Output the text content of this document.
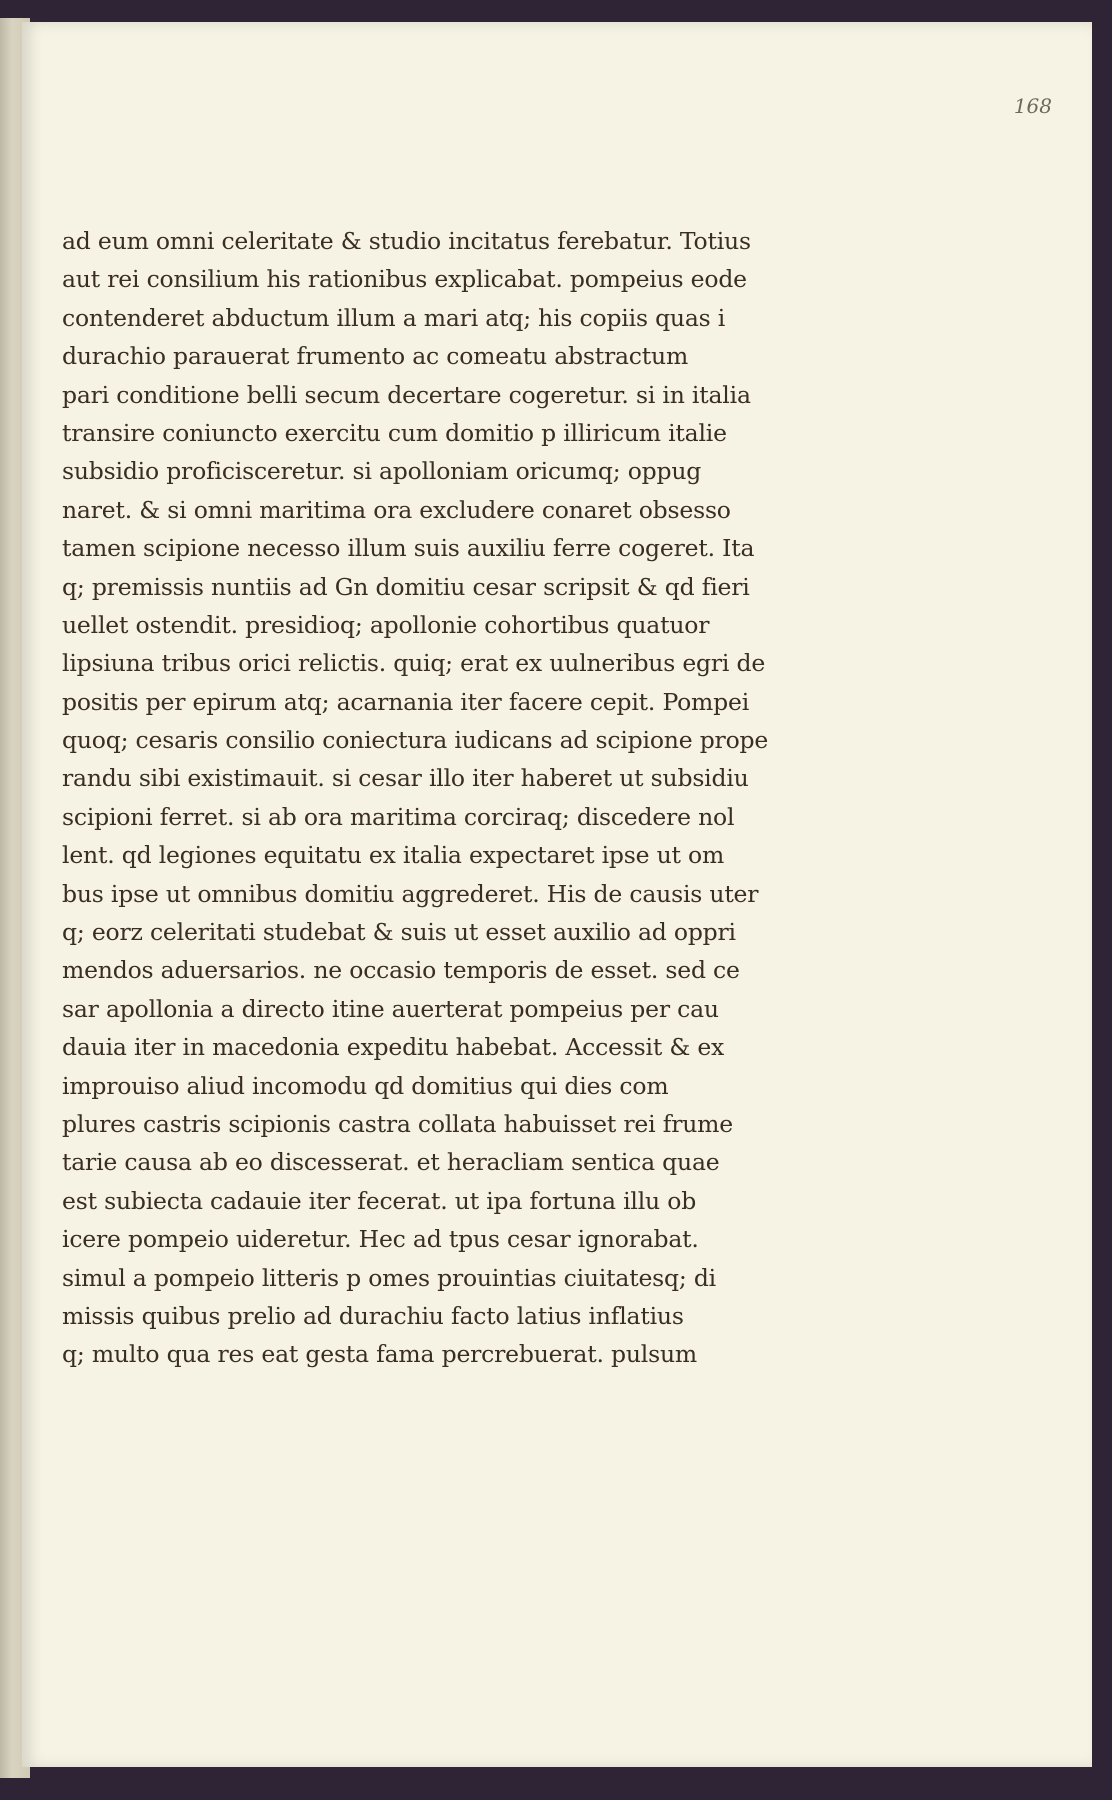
168
ad eum omni celeritate & studio incitatus ferebatur. Totius
aut rei consilium his rationibus explicabat. pompeius eode
contenderet abductum illum a mari atq; his copiis quas i
durachio parauerat frumento ac comeatu abstractum
pari conditione belli secum decertare cogeretur. si in italia
transire coniuncto exercitu cum domitio p illiricum italie
subsidio proficisceretur. si apolloniam oricumq; oppug
naret. & si omni maritima ora excludere conaret obsesso
tamen scipione necesso illum suis auxiliu ferre cogeret. Ita
q; premissis nuntiis ad Gn domitiu cesar scripsit & qd fieri
uellet ostendit. presidioq; apollonie cohortibus quatuor
lipsiuna tribus orici relictis. quiq; erat ex uulneribus egri de
positis per epirum atq; acarnania iter facere cepit. Pompei
quoq; cesaris consilio coniectura iudicans ad scipione prope
randu sibi existimauit. si cesar illo iter haberet ut subsidiu
scipioni ferret. si ab ora maritima corciraq; discedere nol
lent. qd legiones equitatu ex italia expectaret ipse ut om
bus ipse ut omnibus domitiu aggrederet. His de causis uter
q; eorz celeritati studebat & suis ut esset auxilio ad oppri
mendos aduersarios. ne occasio temporis de esset. sed ce
sar apollonia a directo itine auerterat pompeius per cau
dauia iter in macedonia expeditu habebat. Accessit & ex
improuiso aliud incomodu qd domitius qui dies com
plures castris scipionis castra collata habuisset rei frume
tarie causa ab eo discesserat. et heracliam sentica quae
est subiecta cadauie iter fecerat. ut ipa fortuna illu ob
icere pompeio uideretur. Hec ad tpus cesar ignorabat.
simul a pompeio litteris p omes prouintias ciuitatesq; di
missis quibus prelio ad durachiu facto latius inflatius
q; multo qua res eat gesta fama percrebuerat. pulsum
